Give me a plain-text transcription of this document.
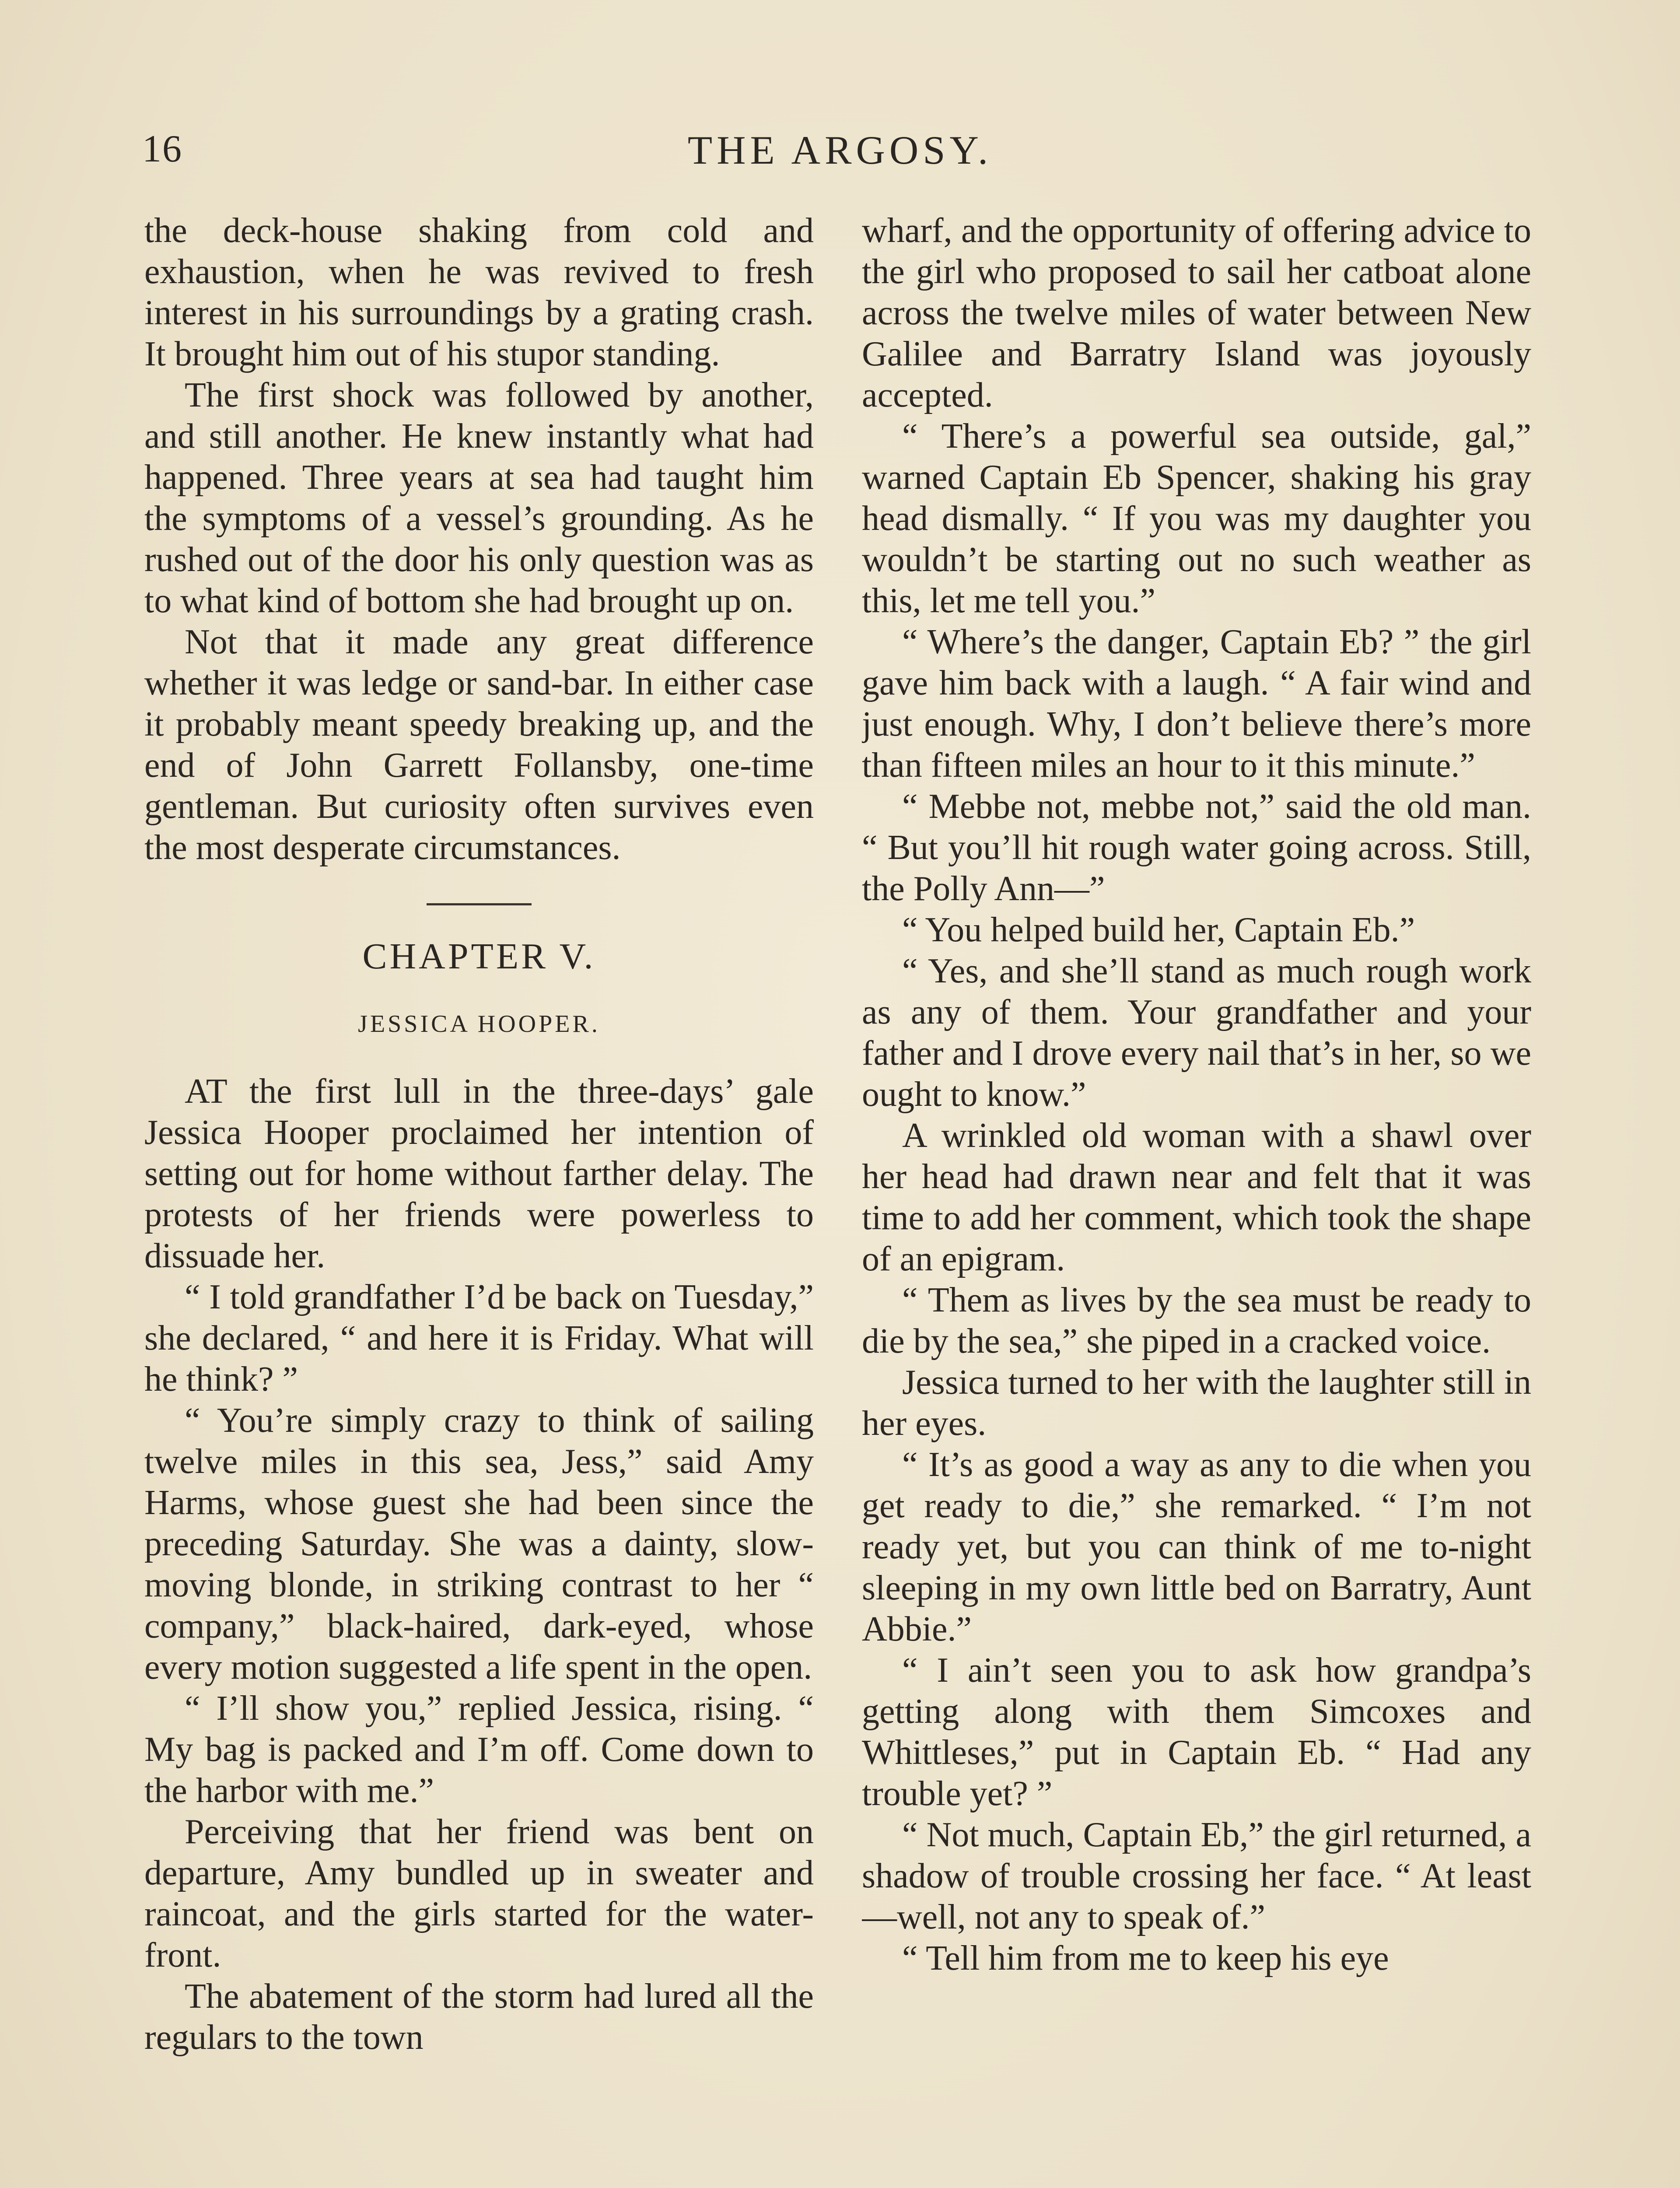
16	THE ARGOSY.

the deck-house shaking from cold and exhaustion, when he was revived to fresh interest in his surroundings by a grating crash. It brought him out of his stupor standing.

The first shock was followed by another, and still another. He knew instantly what had happened. Three years at sea had taught him the symptoms of a vessel’s grounding. As he rushed out of the door his only question was as to what kind of bottom she had brought up on.

Not that it made any great difference whether it was ledge or sand-bar. In either case it probably meant speedy breaking up, and the end of John Garrett Follansby, one-time gentleman. But curiosity often survives even the most desperate circumstances.

CHAPTER V.
JESSICA HOOPER.

AT the first lull in the three-days’ gale Jessica Hooper proclaimed her intention of setting out for home without farther delay. The protests of her friends were powerless to dissuade her.

“ I told grandfather I’d be back on Tuesday,” she declared, “ and here it is Friday. What will he think? ”

“ You’re simply crazy to think of sailing twelve miles in this sea, Jess,” said Amy Harms, whose guest she had been since the preceding Saturday. She was a dainty, slow-moving blonde, in striking contrast to her “ company,” black-haired, dark-eyed, whose every motion suggested a life spent in the open.

“ I’ll show you,” replied Jessica, rising. “ My bag is packed and I’m off. Come down to the harbor with me.”

Perceiving that her friend was bent on departure, Amy bundled up in sweater and raincoat, and the girls started for the water-front.

The abatement of the storm had lured all the regulars to the town

wharf, and the opportunity of offering advice to the girl who proposed to sail her catboat alone across the twelve miles of water between New Galilee and Barratry Island was joyously accepted.

“ There’s a powerful sea outside, gal,” warned Captain Eb Spencer, shaking his gray head dismally. “ If you was my daughter you wouldn’t be starting out no such weather as this, let me tell you.”

“ Where’s the danger, Captain Eb? ” the girl gave him back with a laugh. “ A fair wind and just enough. Why, I don’t believe there’s more than fifteen miles an hour to it this minute.”

“ Mebbe not, mebbe not,” said the old man. “ But you’ll hit rough water going across. Still, the Polly Ann—”

“ You helped build her, Captain Eb.”

“ Yes, and she’ll stand as much rough work as any of them. Your grandfather and your father and I drove every nail that’s in her, so we ought to know.”

A wrinkled old woman with a shawl over her head had drawn near and felt that it was time to add her comment, which took the shape of an epigram.

“ Them as lives by the sea must be ready to die by the sea,” she piped in a cracked voice.

Jessica turned to her with the laughter still in her eyes.

“ It’s as good a way as any to die when you get ready to die,” she remarked. “ I’m not ready yet, but you can think of me to-night sleeping in my own little bed on Barratry, Aunt Abbie.”

“ I ain’t seen you to ask how grandpa’s getting along with them Simcoxes and Whittleses,” put in Captain Eb. “ Had any trouble yet? ”

“ Not much, Captain Eb,” the girl returned, a shadow of trouble crossing her face. “ At least—well, not any to speak of.”

“ Tell him from me to keep his eye
